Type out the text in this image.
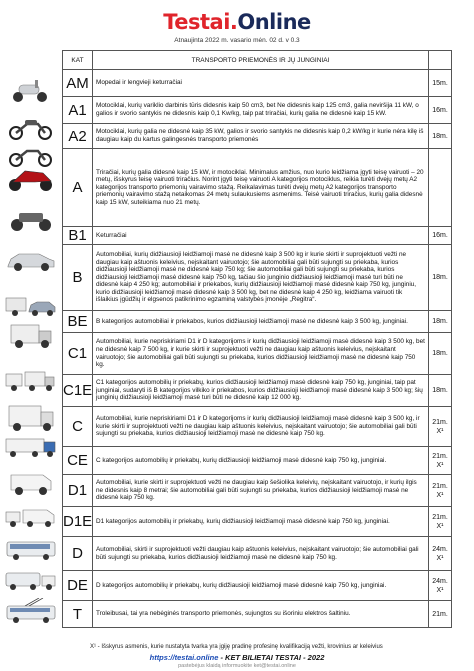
Testai.Online
Atnaujinta 2022 m. vasario mėn. 02 d. v 0.3
KAT	TRANSPORTO PRIEMONĖS IR JŲ JUNGINIAI	
AM	Mopedai ir lengvieji keturračiai	15m.

A1	Motociklai, kurių variklio darbinis tūris didesnis kaip 50 cm3, bet Ne didesnis kaip 125 cm3, galia neviršija 11 kW, o galios ir svorio santykis ne didesnis kaip 0,1 Kw/kg, taip pat triračiai, kurių galia ne didesnė kaip 15 kW.	16m.

A2	Motociklai, kurių galia ne didesnė kaip 35 kW, galios ir svorio santykis ne didesnis kaip 0,2 kW/kg ir kurie nėra kilę iš daugiau kaip du kartus galingesnės transporto priemonės	18m.

A	Triračiai, kurių galia didesnė kaip 15 kW, ir motociklai. Minimalus amžius, nuo kurio leidžiama įgyti teisę vairuoti – 20 metų, išskyrus teisę vairuoti triračius. Norint įgyti teisę vairuoti A kategorijos motociklus, reikia turėti dvejų metų A2 kategorijos transporto priemonių vairavimo stažą. Reikalavimas turėti dvejų metų A2 kategorijos transporto priemonių vairavimo stažą netaikomas 24 metų sulaukusiems asmenims. Teisė vairuoti triračius, kurių galia didesnė kaip 15 kW, suteikiama nuo 21 metų.	

B1	Keturračiai	16m.

B	Automobiliai, kurių didžiausioji leidžiamoji masė ne didesnė kaip 3 500 kg ir kurie skirti ir suprojektuoti vežti ne daugiau kaip aštuonis keleivius, neįskaitant vairuotojo; šie automobiliai gali būti sujungti su priekaba, kurios didžiausioji leidžiamoji masė ne didesnė kaip 750 kg; šie automobiliai gali būti sujungti su priekaba, kurios didžiausioji leidžiamoji masė didesnė kaip 750 kg, tačiau šio junginio didžiausioji leidžiamoji masė turi būti ne didesnė kaip 4 250 kg; automobiliai ir priekabos, kurių didžiausioji leidžiamoji masė didesnė kaip 750 kg, junginiu, kurio didžiausioji leidžiamoji masė didesnė kaip 3 500 kg, bet ne didesnė kaip 4 250 kg, leidžiama vairuoti tik išlaikius įgūdžių ir elgsenos patikrinimo egzaminą valstybės įmonėje „Regitra“.	18m.

BE	B kategorijos automobiliai ir priekabos, kurios didžiausioji leidžiamoji masė ne didesnė kaip 3 500 kg, junginiai.	18m.

C1	Automobiliai, kurie nepriskiriami D1 ir D kategorijoms ir kurių didžiausioji leidžiamoji masė didesnė kaip 3 500 kg, bet ne didesnė kaip 7 500 kg, ir kurie skirti ir suprojektuoti vežti ne daugiau kaip aštuonis keleivius, neįskaitant vairuotojo; šie automobiliai gali būti sujungti su priekaba, kurios didžiausioji leidžiamoji masė ne didesnė kaip 750 kg.	18m.

C1E	C1 kategorijos automobilių ir priekabų, kurios didžiausioji leidžiamoji masė didesnė kaip 750 kg, junginiai, taip pat junginiai, sudaryti iš B kategorijos vilkiko ir priekabos, kurios didžiausioji leidžiamoji masė didesnė kaip 3 500 kg; šių junginių didžiausioji leidžiamoji masė turi būti ne didesnė kaip 12 000 kg.	18m.

C	Automobiliai, kurie nepriskiriami D1 ir D kategorijoms ir kurių didžiausioji leidžiamoji masė didesnė kaip 3 500 kg, ir kurie skirti ir suprojektuoti vežti ne daugiau kaip aštuonis keleivius, neįskaitant vairuotojo; šie automobiliai gali būti sujungti su priekaba, kurios didžiausioji leidžiamoji masė ne didesnė kaip 750 kg.	21m.
X¹
CE	C kategorijos automobilių ir priekabų, kurių didžiausioji leidžiamoji masė didesnė kaip 750 kg, junginiai.	21m.
X¹
D1	Automobiliai, kurie skirti ir suprojektuoti vežti ne daugiau kaip šešiolika keleivių, neįskaitant vairuotojo, ir kurių ilgis ne didesnis kaip 8 metrai; šie automobiliai gali būti sujungti su priekaba, kurios didžiausioji leidžiamoji masė ne didesnė kaip 750 kg.	21m.
X¹
D1E	D1 kategorijos automobilių ir priekabų, kurių didžiausioji leidžiamoji masė didesnė kaip 750 kg, junginiai.	21m.
X¹
D	Automobiliai, skirti ir suprojektuoti vežti daugiau kaip aštuonis keleivius, neįskaitant vairuotojo; šie automobiliai gali būti sujungti su priekaba, kurios didžiausioji leidžiamoji masė ne didesnė kaip 750 kg.	24m.
X¹
DE	D kategorijos automobilių ir priekabų, kurių didžiausioji leidžiamoji masė didesnė kaip 750 kg, junginiai.	24m.
X¹
T	Troleibusai, tai yra nebėginės transporto priemonės, sujungtos su išoriniu elektros šaltiniu.	21m.

X¹ - Išskyrus asmenis, kurie nustatyta tvarka yra įgiję pradinę profesinę kvalifikaciją vežti, krovinius ar keleivius
https://testai.online - KET BILIETAI TESTAI - 2022
pastebėjus klaidą informuokite ket@testai.online
